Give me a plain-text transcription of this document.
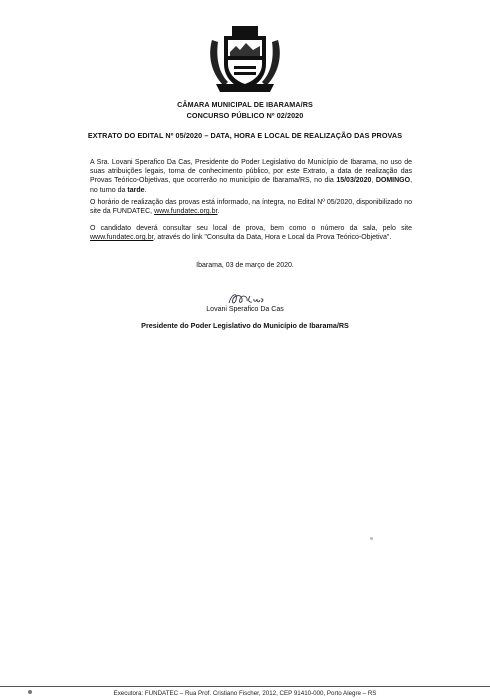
CÂMARA MUNICIPAL DE IBARAMA/RS
CONCURSO PÚBLICO Nº 02/2020
EXTRATO DO EDITAL Nº 05/2020 – DATA, HORA E LOCAL DE REALIZAÇÃO DAS PROVAS
A Sra. Lovani Sperafico Da Cas, Presidente do Poder Legislativo do Município de Ibarama, no uso de suas atribuições legais, torna de conhecimento público, por este Extrato, a data de realização das Provas Teórico-Objetivas, que ocorrerão no município de Ibarama/RS, no dia 15/03/2020, DOMINGO, no turno da tarde.
O horário de realização das provas está informado, na íntegra, no Edital Nº 05/2020, disponibilizado no site da FUNDATEC, www.fundatec.org.br.
O candidato deverá consultar seu local de prova, bem como o número da sala, pelo site www.fundatec.org.br, através do link "Consulta da Data, Hora e Local da Prova Teórico-Objetiva".
Ibarama, 03 de março de 2020.
Lovani Sperafico Da Cas
Presidente do Poder Legislativo do Município de Ibarama/RS
Executora: FUNDATEC – Rua Prof. Cristiano Fischer, 2012, CEP 91410-000, Porto Alegre – RS
